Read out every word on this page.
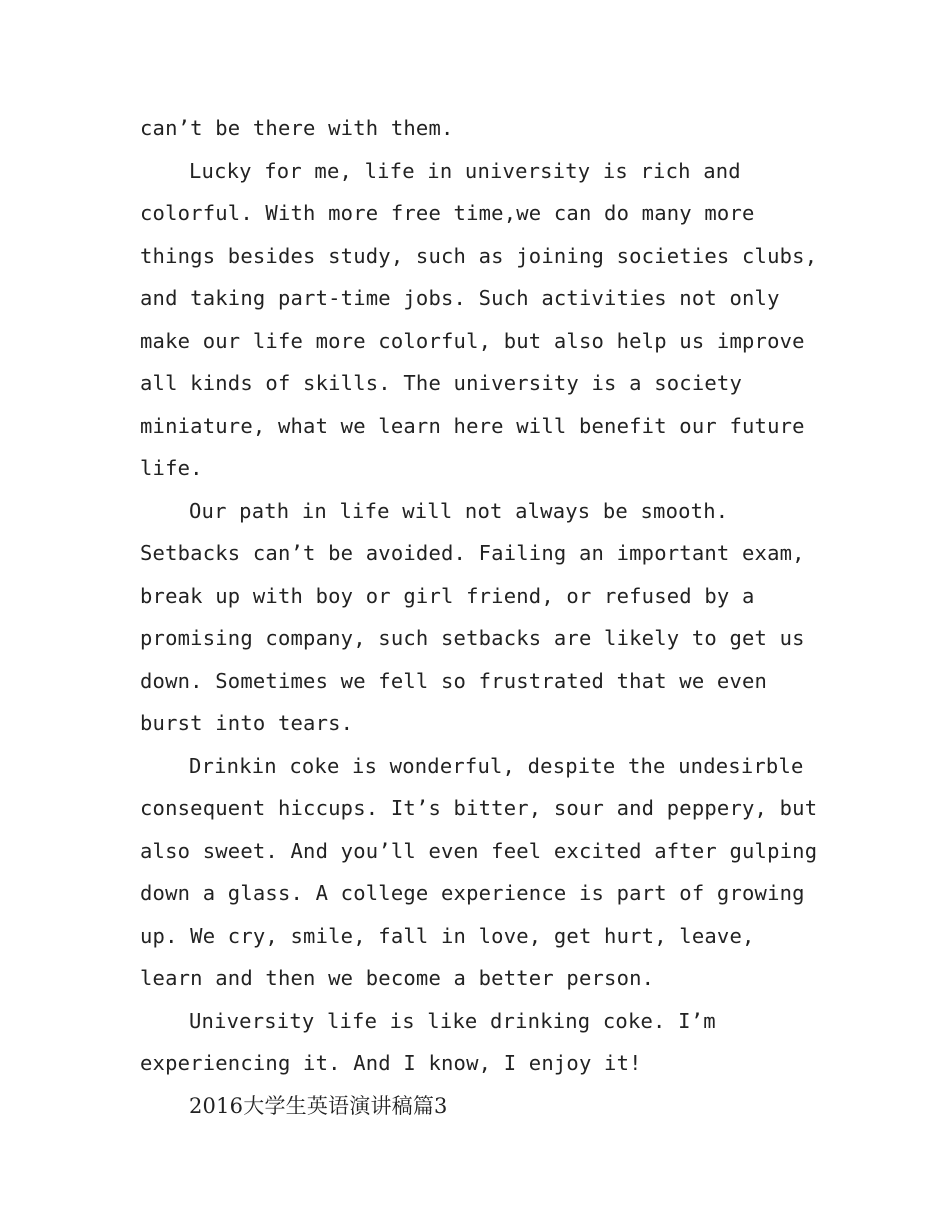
can’t be there with them.
Lucky for me, life in university is rich and
colorful. With more free time,we can do many more
things besides study, such as joining societies clubs,
and taking part-time jobs. Such activities not only
make our life more colorful, but also help us improve
all kinds of skills. The university is a society
miniature, what we learn here will benefit our future
life.
Our path in life will not always be smooth.
Setbacks can’t be avoided. Failing an important exam,
break up with boy or girl friend, or refused by a
promising company, such setbacks are likely to get us
down. Sometimes we fell so frustrated that we even
burst into tears.
Drinkin coke is wonderful, despite the undesirble
consequent hiccups. It’s bitter, sour and peppery, but
also sweet. And you’ll even feel excited after gulping
down a glass. A college experience is part of growing
up. We cry, smile, fall in love, get hurt, leave,
learn and then we become a better person.
University life is like drinking coke. I’m
experiencing it. And I know, I enjoy it!
2016大学生英语演讲稿篇3
